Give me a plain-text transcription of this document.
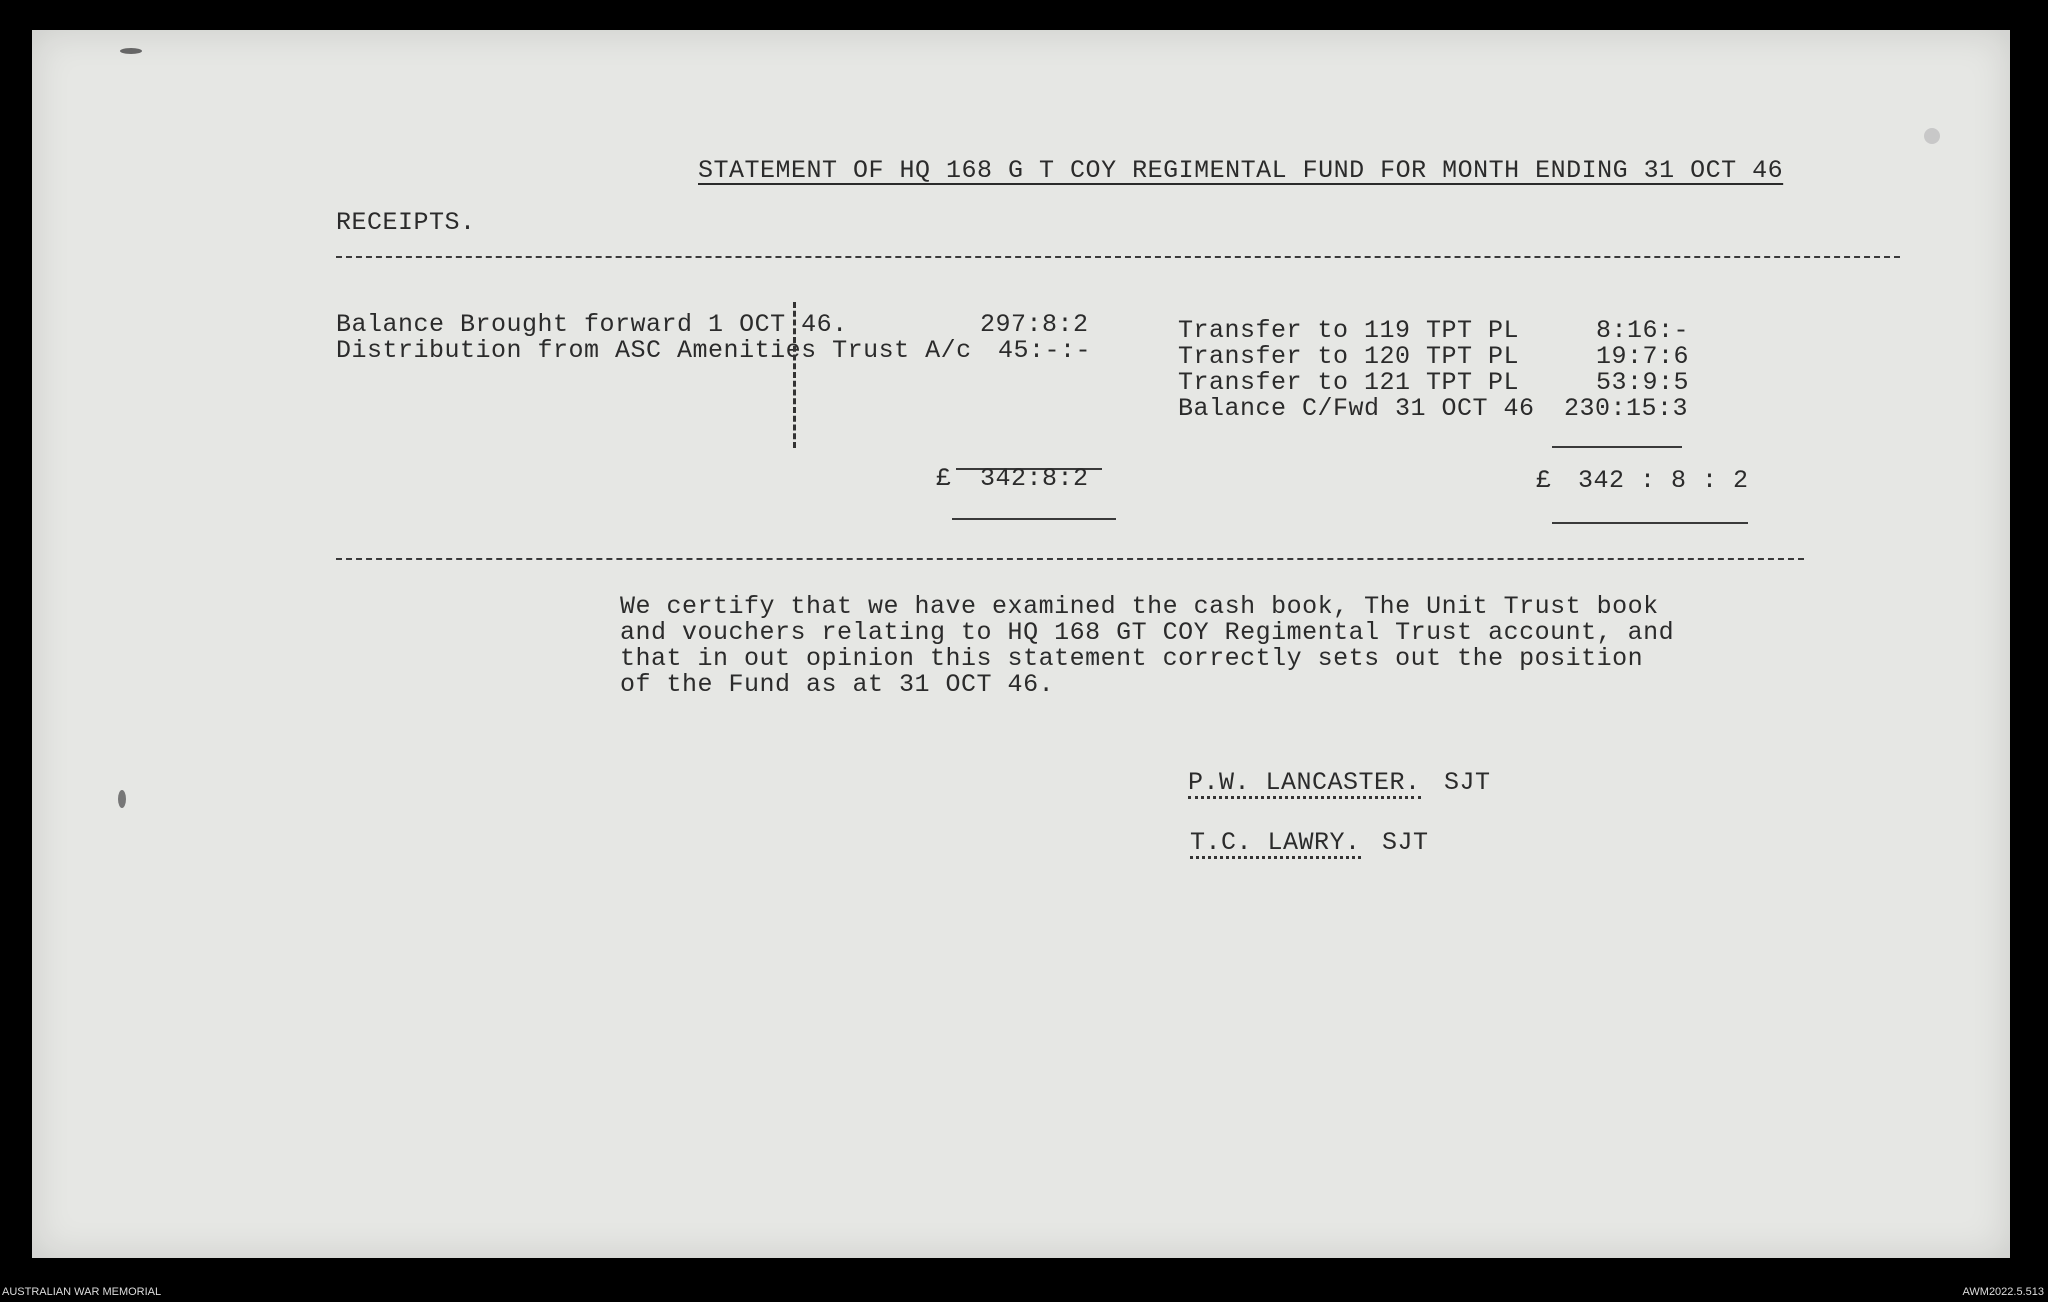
STATEMENT OF HQ 168 G T COY REGIMENTAL FUND FOR MONTH ENDING 31 OCT 46
RECEIPTS.
Balance Brought forward 1 OCT 46.	297:8:2
Distribution from ASC Amenities Trust A/c 45:-:-
Transfer to 119 TPT PL	8:16:-
Transfer to 120 TPT PL	19:7:6
Transfer to 121 TPT PL	53:9:5
Balance C/Fwd 31 OCT 46 230:15:3
£ 342:8:2	£ 342 : 8 : 2
We certify that we have examined the cash book, The Unit Trust book
and vouchers relating to HQ 168 GT COY Regimental Trust account, and
that in out opinion this statement correctly sets out the position
of the Fund as at 31 OCT 46.
P.W. LANCASTER. SJT
T.C. LAWRY. SJT
AUSTRALIAN WAR MEMORIAL	AWM2022.5.513
